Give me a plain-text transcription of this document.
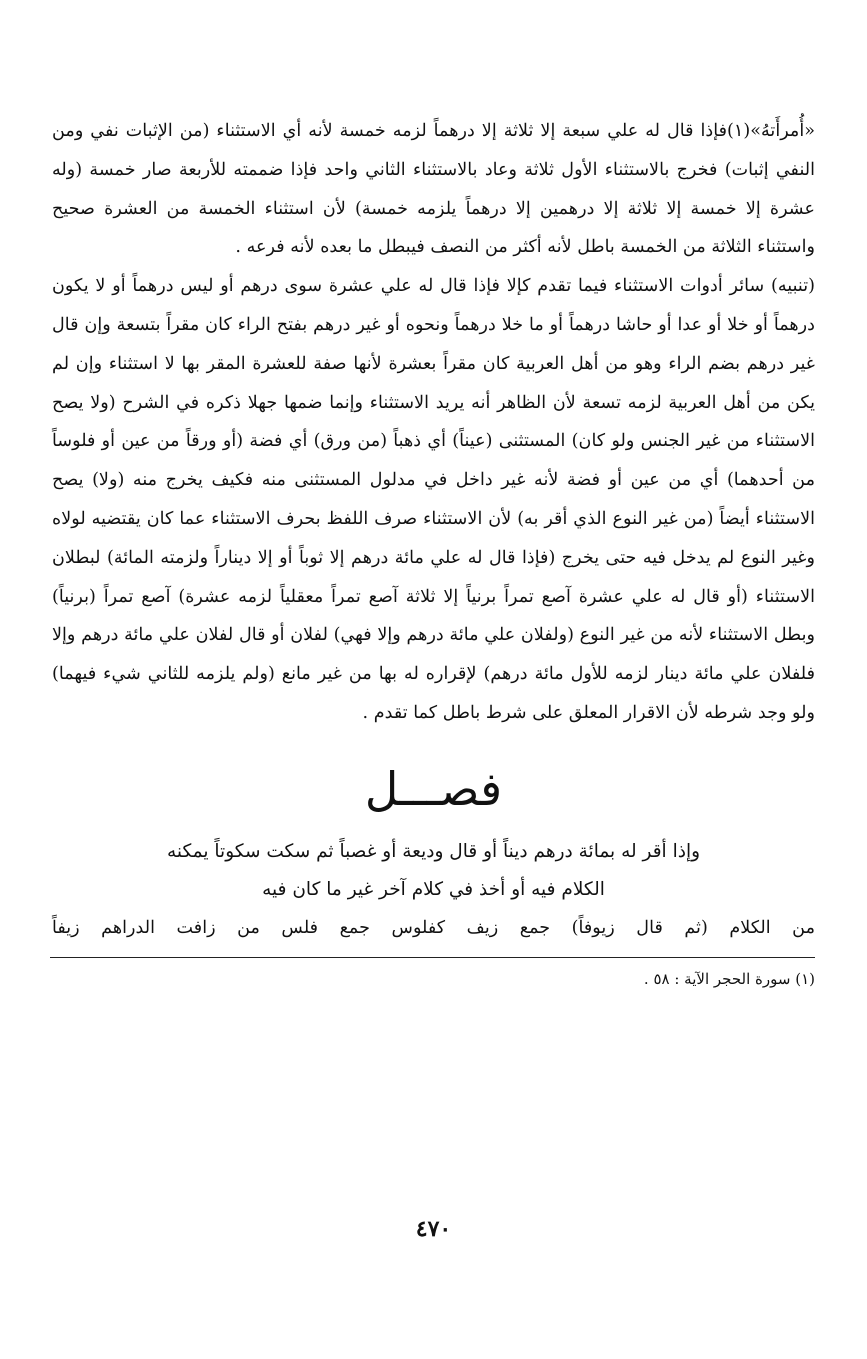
«أُمرأَتهُ»(١)فإذا قال له علي سبعة إلا ثلاثة إلا درهماً لزمه خمسة لأنه أي الاستثناء (من الإثبات نفي ومن النفي إثبات) فخرج بالاستثناء الأول ثلاثة وعاد بالاستثناء الثاني واحد فإذا ضممته للأربعة صار خمسة (وله عشرة إلا خمسة إلا ثلاثة إلا درهمين إلا درهماً يلزمه خمسة) لأن استثناء الخمسة من العشرة صحيح واستثناء الثلاثة من الخمسة باطل لأنه أكثر من النصف فيبطل ما بعده لأنه فرعه .

(تنبيه) سائر أدوات الاستثناء فيما تقدم كإلا فإذا قال له علي عشرة سوى درهم أو ليس درهماً أو لا يكون درهماً أو خلا أو عدا أو حاشا درهماً أو ما خلا درهماً ونحوه أو غير درهم بفتح الراء كان مقراً بتسعة وإن قال غير درهم بضم الراء وهو من أهل العربية كان مقراً بعشرة لأنها صفة للعشرة المقر بها لا استثناء وإن لم يكن من أهل العربية لزمه تسعة لأن الظاهر أنه يريد الاستثناء وإنما ضمها جهلا ذكره في الشرح (ولا يصح الاستثناء من غير الجنس ولو كان) المستثنى (عيناً) أي ذهباً (من ورق) أي فضة (أو ورقاً من عين أو فلوساً من أحدهما) أي من عين أو فضة لأنه غير داخل في مدلول المستثنى منه فكيف يخرج منه (ولا) يصح الاستثناء أيضاً (من غير النوع الذي أقر به) لأن الاستثناء صرف اللفظ بحرف الاستثناء عما كان يقتضيه لولاه وغير النوع لم يدخل فيه حتى يخرج (فإذا قال له علي مائة درهم إلا ثوباً أو إلا ديناراً ولزمته المائة) لبطلان الاستثناء (أو قال له علي عشرة آصع تمراً برنياً إلا ثلاثة آصع تمراً معقلياً لزمه عشرة) آصع تمراً (برنياً) وبطل الاستثناء لأنه من غير النوع (ولفلان علي مائة درهم وإلا فهي) لفلان أو قال لفلان علي مائة درهم وإلا فلفلان علي مائة دينار لزمه للأول مائة درهم) لإقراره له بها من غير مانع (ولم يلزمه للثاني شيء فيهما) ولو وجد شرطه لأن الاقرار المعلق على شرط باطل كما تقدم .

فصـــل

وإذا أقر له بمائة درهم ديناً أو قال وديعة أو غصباً ثم سكت سكوتاً يمكنه

الكلام فيه أو أخذ في كلام آخر غير ما كان فيه

من الكلام (ثم قال زيوفاً) جمع زيف كفلوس جمع فلس من زافت الدراهم زيفاً

(١) سورة الحجر الآية : ٥٨ .

٤٧٠
